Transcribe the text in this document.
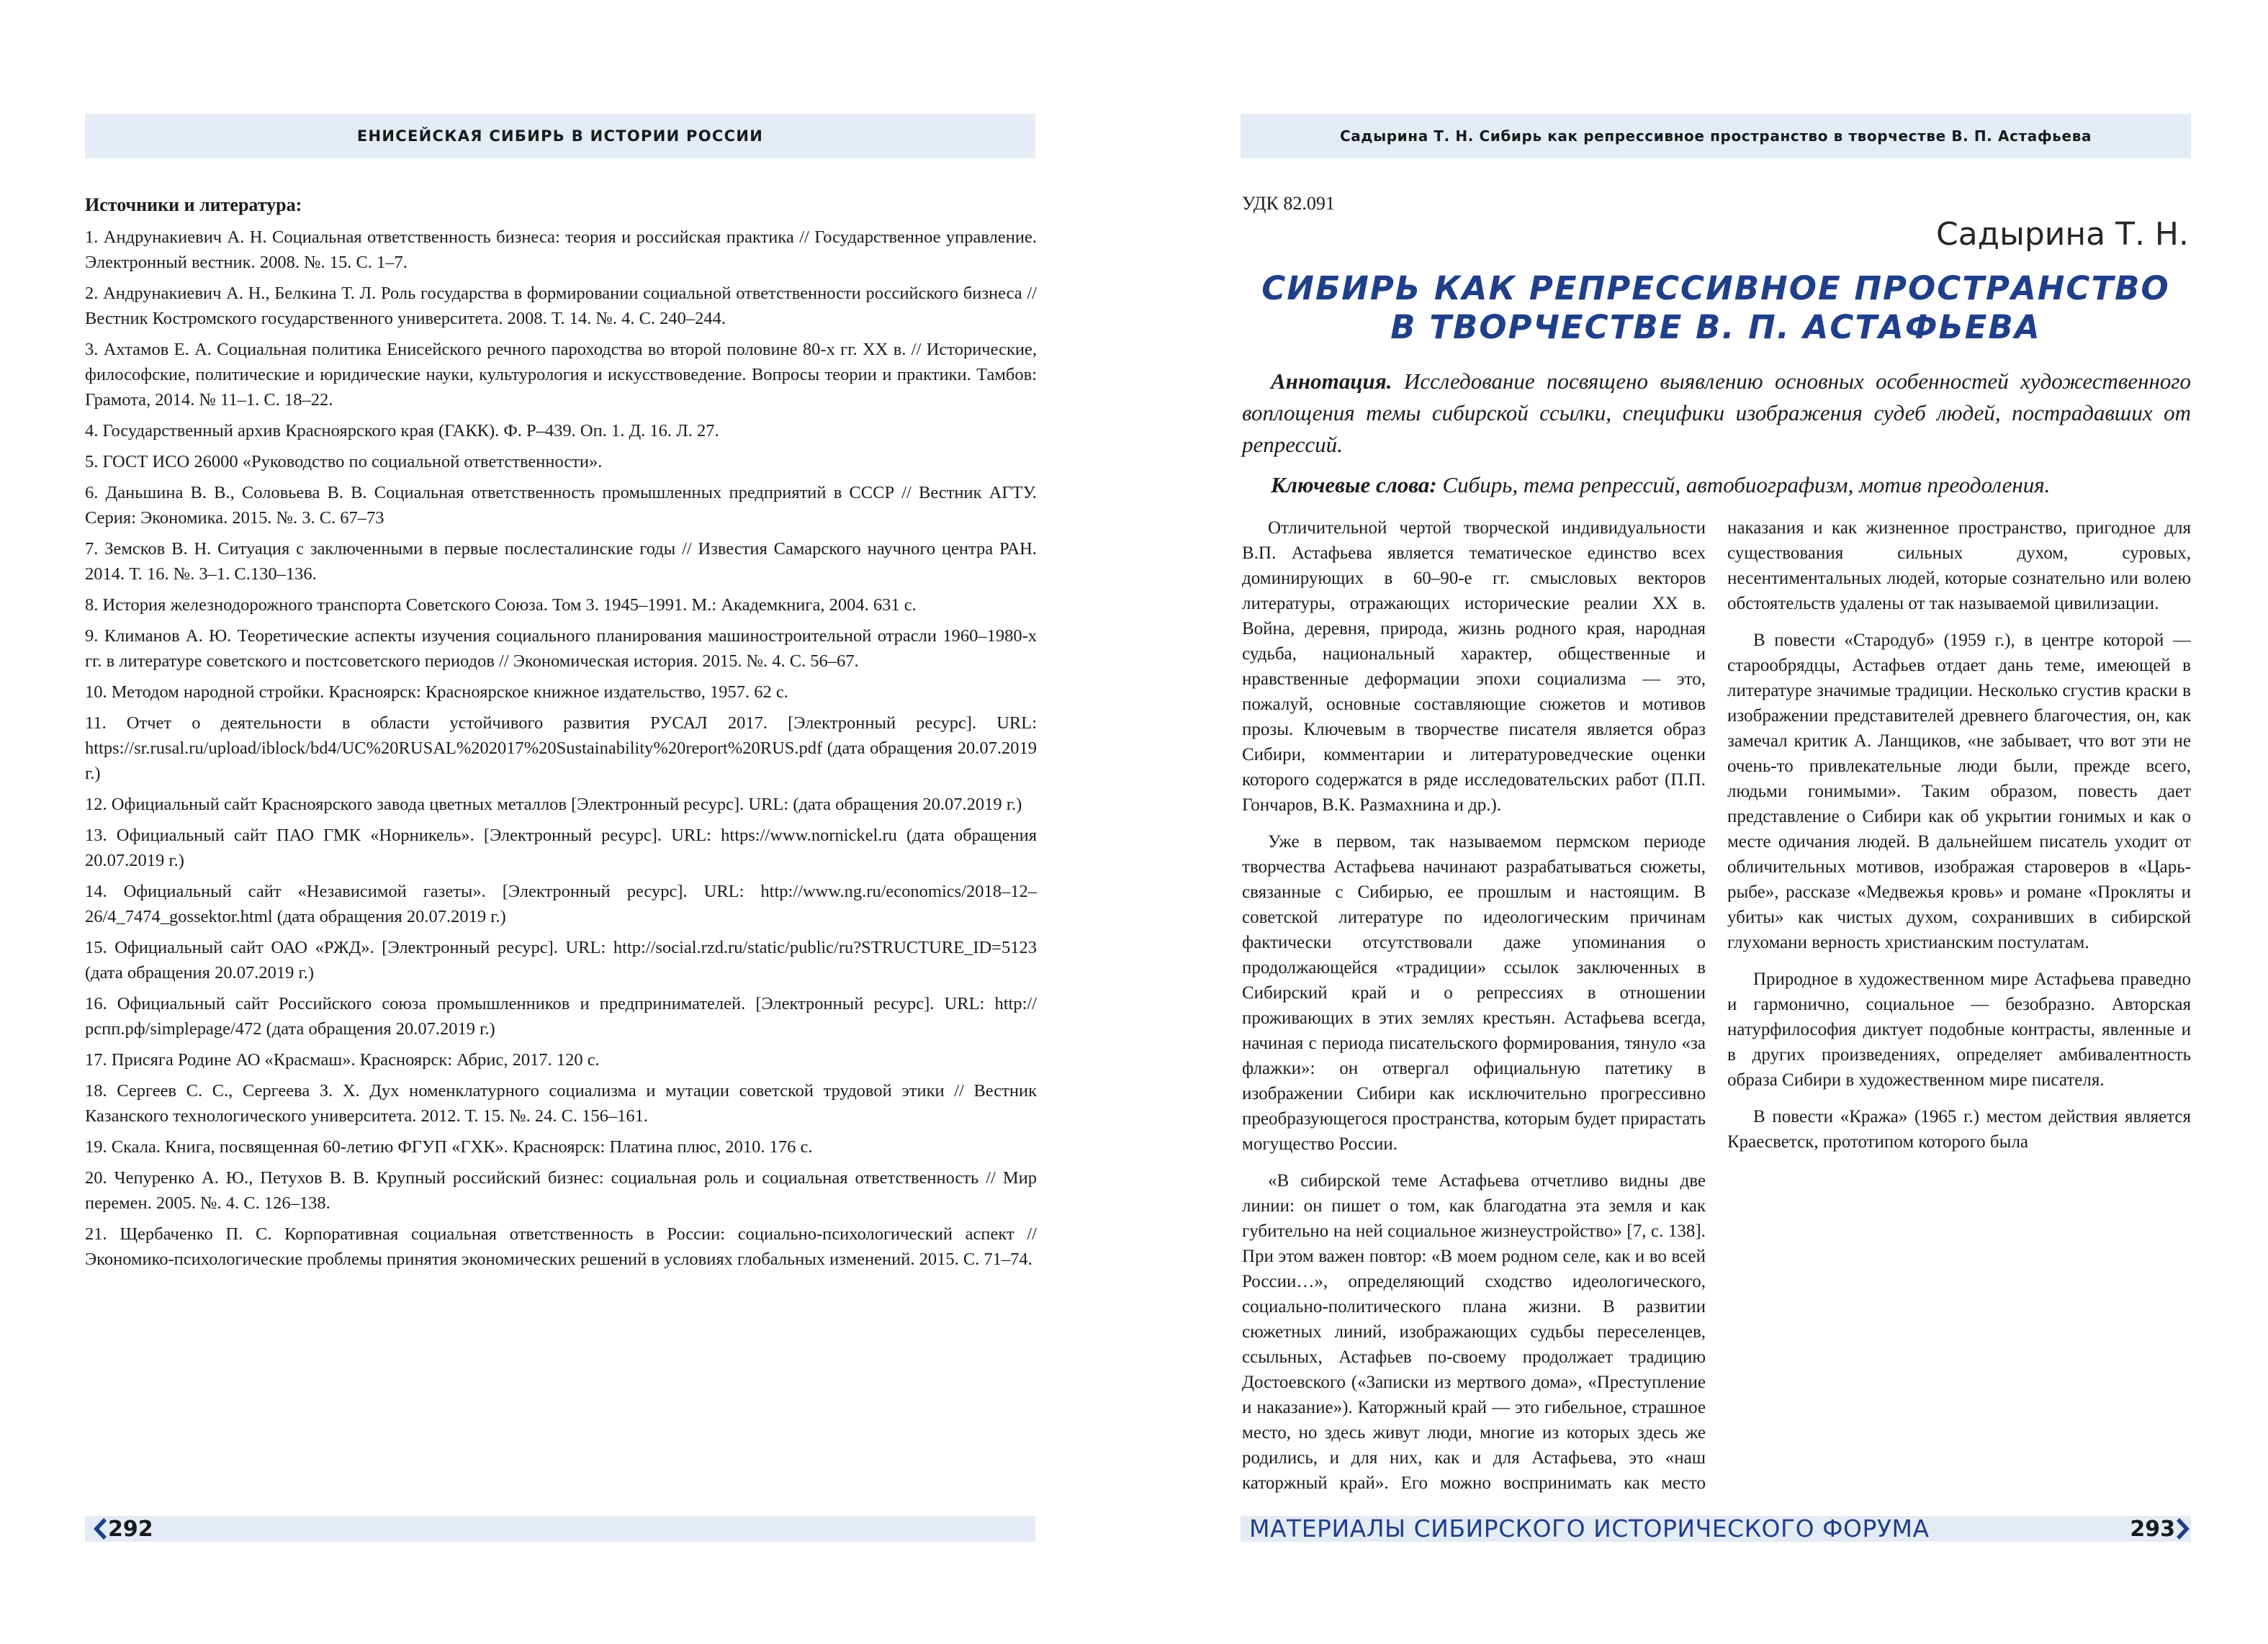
ЕНИСЕЙСКАЯ СИБИРЬ В ИСТОРИИ РОССИИ
Источники и литература:
1. Андрунакиевич А. Н. Социальная ответственность бизнеса: теория и российская практика // Государственное управление. Электронный вестник. 2008. №. 15. С. 1–7.
2. Андрунакиевич А. Н., Белкина Т. Л. Роль государства в формировании социальной ответственности российского бизнеса // Вестник Костромского государственного университета. 2008. Т. 14. №. 4. С. 240–244.
3. Ахтамов Е. А. Социальная политика Енисейского речного пароходства во второй половине 80-х гг. XX в. // Исторические, философские, политические и юридические науки, культурология и искусствоведение. Вопросы теории и практики. Тамбов: Грамота, 2014. № 11–1. С. 18–22.
4. Государственный архив Красноярского края (ГАКК). Ф. Р–439. Оп. 1. Д. 16. Л. 27.
5. ГОСТ ИСО 26000 «Руководство по социальной ответственности».
6. Даньшина В. В., Соловьева В. В. Социальная ответственность промышленных предприятий в СССР // Вестник АГТУ. Серия: Экономика. 2015. №. 3. С. 67–73
7. Земсков В. Н. Ситуация с заключенными в первые послесталинские годы // Известия Самарского научного центра РАН. 2014. Т. 16. №. 3–1. С.130–136.
8. История железнодорожного транспорта Советского Союза. Том 3. 1945–1991. М.: Академкнига, 2004. 631 с.
9. Климанов А. Ю. Теоретические аспекты изучения социального планирования машиностроительной отрасли 1960–1980-х гг. в литературе советского и постсоветского периодов // Экономическая история. 2015. №. 4. С. 56–67.
10. Методом народной стройки. Красноярск: Красноярское книжное издательство, 1957. 62 с.
11. Отчет о деятельности в области устойчивого развития РУСАЛ 2017. [Электронный ресурс]. URL: https://sr.rusal.ru/upload/iblock/bd4/UC%20RUSAL%202017%20Sustainability%20report%20RUS.pdf (дата обращения 20.07.2019 г.)
12. Официальный сайт Красноярского завода цветных металлов [Электронный ресурс]. URL: (дата обращения 20.07.2019 г.)
13. Официальный сайт ПАО ГМК «Норникель». [Электронный ресурс]. URL: https://www.nornickel.ru (дата обращения 20.07.2019 г.)
14. Официальный сайт «Независимой газеты». [Электронный ресурс]. URL: http://www.ng.ru/economics/2018–12–26/4_7474_gossektor.html (дата обращения 20.07.2019 г.)
15. Официальный сайт ОАО «РЖД». [Электронный ресурс]. URL: http://social.rzd.ru/static/public/ru?STRUCTURE_ID=5123 (дата обращения 20.07.2019 г.)
16. Официальный сайт Российского союза промышленников и предпринимателей. [Электронный ресурс]. URL: http://рспп.рф/simplepage/472 (дата обращения 20.07.2019 г.)
17. Присяга Родине АО «Красмаш». Красноярск: Абрис, 2017. 120 с.
18. Сергеев С. С., Сергеева З. Х. Дух номенклатурного социализма и мутации советской трудовой этики // Вестник Казанского технологического университета. 2012. Т. 15. №. 24. С. 156–161.
19. Скала. Книга, посвященная 60-летию ФГУП «ГХК». Красноярск: Платина плюс, 2010. 176 с.
20. Чепуренко А. Ю., Петухов В. В. Крупный российский бизнес: социальная роль и социальная ответственность // Мир перемен. 2005. №. 4. С. 126–138.
21. Щербаченко П. С. Корпоративная социальная ответственность в России: социально-психологический аспект // Экономико-психологические проблемы принятия экономических решений в условиях глобальных изменений. 2015. С. 71–74.
292
Садырина Т. Н. Сибирь как репрессивное пространство в творчестве В. П. Астафьева
УДК 82.091
Садырина Т. Н.
СИБИРЬ КАК РЕПРЕССИВНОЕ ПРОСТРАНСТВО
В ТВОРЧЕСТВЕ В. П. АСТАФЬЕВА

Аннотация. Исследование посвящено выявлению основных особенностей художественного воплощения темы сибирской ссылки, специфики изображения судеб людей, пострадавших от репрессий.

Ключевые слова: Сибирь, тема репрессий, автобиографизм, мотив преодоления.

Отличительной чертой творческой индивидуальности В.П. Астафьева является тематическое единство всех доминирующих в 60–90-е гг. смысловых векторов литературы, отражающих исторические реалии XX в. Война, деревня, природа, жизнь родного края, народная судьба, национальный характер, общественные и нравственные деформации эпохи социализма — это, пожалуй, основные составляющие сюжетов и мотивов прозы. Ключевым в творчестве писателя является образ Сибири, комментарии и литературоведческие оценки которого содержатся в ряде исследовательских работ (П.П. Гончаров, В.К. Размахнина и др.).

Уже в первом, так называемом пермском периоде творчества Астафьева начинают разрабатываться сюжеты, связанные с Сибирью, ее прошлым и настоящим. В советской литературе по идеологическим причинам фактически отсутствовали даже упоминания о продолжающейся «традиции» ссылок заключенных в Сибирский край и о репрессиях в отношении проживающих в этих землях крестьян. Астафьева всегда, начиная с периода писательского формирования, тянуло «за флажки»: он отвергал официальную патетику в изображении Сибири как исключительно прогрессивно преобразующегося пространства, которым будет прирастать могущество России.

«В сибирской теме Астафьева отчетливо видны две линии: он пишет о том, как благодатна эта земля и как губительно на ней социальное жизнеустройство» [7, с. 138]. При этом важен повтор: «В моем родном селе, как и во всей России…», определяющий сходство идеологического, социально-политического плана жизни. В развитии сюжетных линий, изображающих судьбы переселенцев, ссыльных, Астафьев по-своему продолжает традицию Достоевского («Записки из мертвого дома», «Преступление и наказание»). Каторжный край — это гибельное, страшное место, но здесь живут люди, многие из которых здесь же родились, и для них, как и для Астафьева, это «наш каторжный край». Его можно воспринимать как место наказания и как жизненное пространство, пригодное для существования сильных духом, суровых, несентиментальных людей, которые сознательно или волею обстоятельств удалены от так называемой цивилизации.

В повести «Стародуб» (1959 г.), в центре которой — старообрядцы, Астафьев отдает дань теме, имеющей в литературе значимые традиции. Несколько сгустив краски в изображении представителей древнего благочестия, он, как замечал критик А. Ланщиков, «не забывает, что вот эти не очень-то привлекательные люди были, прежде всего, людьми гонимыми». Таким образом, повесть дает представление о Сибири как об укрытии гонимых и как о месте одичания людей. В дальнейшем писатель уходит от обличительных мотивов, изображая староверов в «Царь-рыбе», рассказе «Медвежья кровь» и романе «Прокляты и убиты» как чистых духом, сохранивших в сибирской глухомани верность христианским постулатам.

Природное в художественном мире Астафьева праведно и гармонично, социальное — безобразно. Авторская натурфилософия диктует подобные контрасты, явленные и в других произведениях, определяет амбивалентность образа Сибири в художественном мире писателя.

В повести «Кража» (1965 г.) местом действия является Краесветск, прототипом которого была

МАТЕРИАЛЫ СИБИРСКОГО ИСТОРИЧЕСКОГО ФОРУМА	293
